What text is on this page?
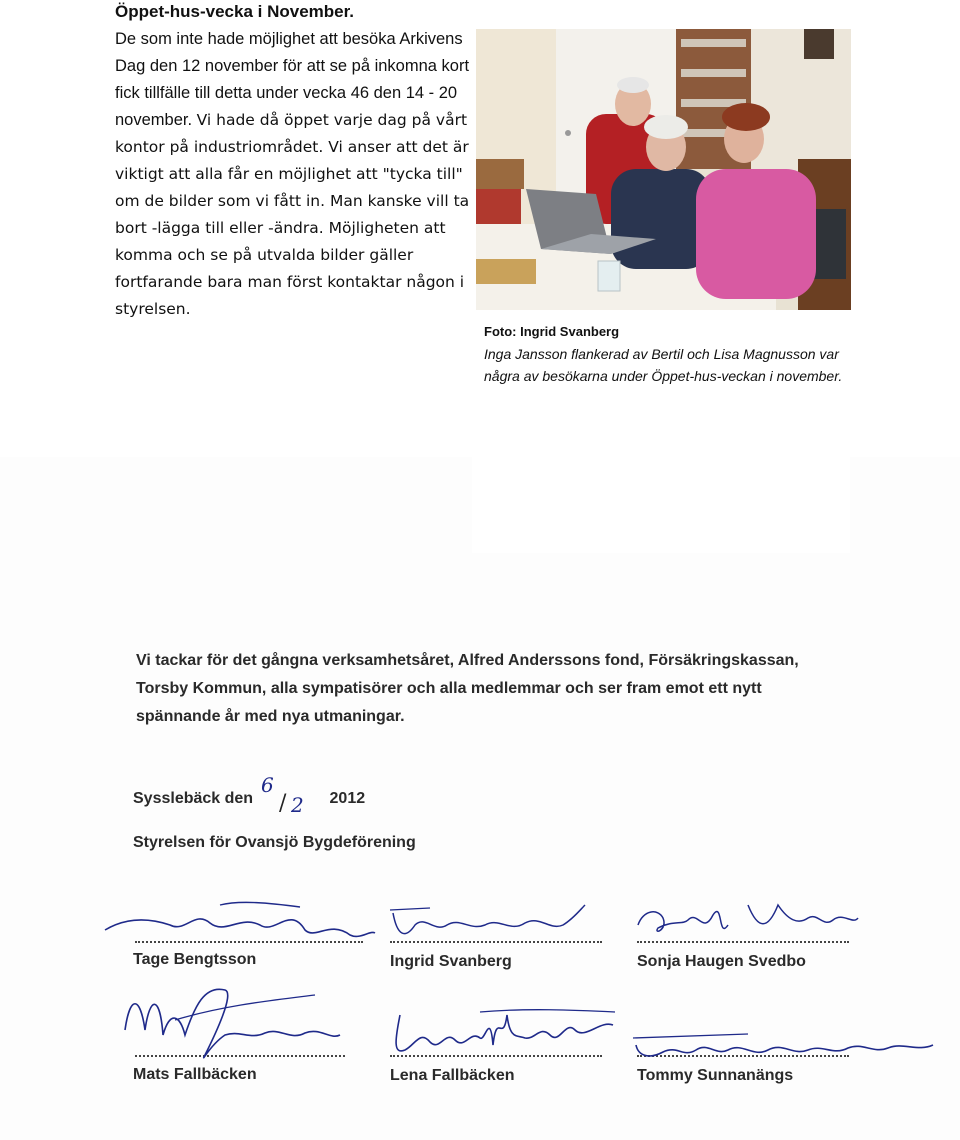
Öppet-hus-vecka i November.

De som inte hade möjlighet att besöka Arkivens Dag den 12 november för att se på inkomna kort fick tillfälle till detta under vecka 46 den 14 - 20 november. Vi hade då öppet varje dag på vårt kontor på industriområdet. Vi anser att det är viktigt att alla får en möjlighet att "tycka till" om de bilder som vi fått in. Man kanske vill ta bort -lägga till eller -ändra. Möjligheten att komma och se på utvalda bilder gäller fortfarande bara man först kontaktar någon i styrelsen.

Foto: Ingrid Svanberg
Inga Jansson flankerad av Bertil och Lisa Magnusson var några av besökarna under Öppet-hus-veckan i november.

Vi tackar för det gångna verksamhetsåret, Alfred Anderssons fond, Försäkringskassan, Torsby Kommun, alla sympatisörer och alla medlemmar och ser fram emot ett nytt spännande år med nya utmaningar.

Sysslebäck den	2012
6
/ 2
Styrelsen för Ovansjö Bygdeförening
Tage Bengtsson	Ingrid Svanberg	Sonja Haugen Svedbo
Mats Fallbäcken	Lena Fallbäcken	Tommy Sunnanängs
